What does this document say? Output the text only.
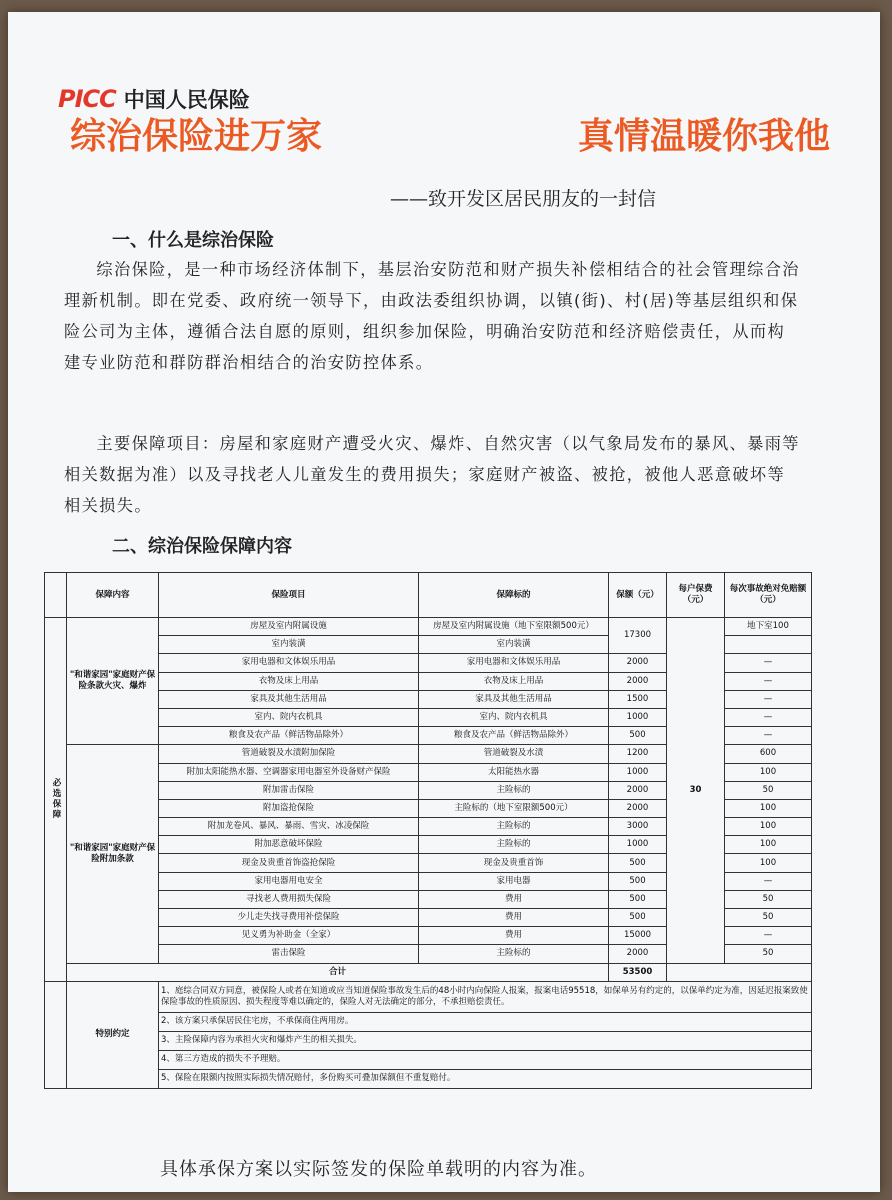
PICC 中国人民保险
综治保险进万家	真情温暖你我他
——致开发区居民朋友的一封信
一、什么是综治保险
综治保险，是一种市场经济体制下，基层治安防范和财产损失补偿相结合的社会管理综合治理新机制。即在党委、政府统一领导下，由政法委组织协调，以镇(街)、村(居)等基层组织和保险公司为主体，遵循合法自愿的原则，组织参加保险，明确治安防范和经济赔偿责任，从而构建专业防范和群防群治相结合的治安防控体系。
主要保障项目：房屋和家庭财产遭受火灾、爆炸、自然灾害（以气象局发布的暴风、暴雨等相关数据为准）以及寻找老人儿童发生的费用损失；家庭财产被盗、被抢，被他人恶意破坏等相关损失。
二、综治保险保障内容
	保障内容	保险项目	保障标的	保额（元）	每户保费（元）	每次事故绝对免赔额（元）
必选保障	"和谐家园"家庭财产保险条款火灾、爆炸	房屋及室内附属设施	房屋及室内附属设施（地下室限额500元）	17300	30	地下室100
		室内装潢	室内装潢			
		家用电器和文体娱乐用品	家用电器和文体娱乐用品	2000		—
		衣物及床上用品	衣物及床上用品	2000		—
		家具及其他生活用品	家具及其他生活用品	1500		—
		室内、院内衣机具	室内、院内衣机具	1000		—
		粮食及农产品（鲜活物品除外）	粮食及农产品（鲜活物品除外）	500		—
	"和谐家园"家庭财产保险附加条款	管道破裂及水渍附加保险	管道破裂及水渍	1200		600
		附加太阳能热水器、空调器家用电器室外设备财产保险	太阳能热水器	1000		100
		附加雷击保险	主险标的	2000		50
		附加盗抢保险	主险标的（地下室限额500元）	2000		100
		附加龙卷风、暴风、暴雨、雪灾、冰凌保险	主险标的	3000		100
		附加恶意破坏保险	主险标的	1000		100
		现金及贵重首饰盗抢保险	现金及贵重首饰	500		100
		家用电器用电安全	家用电器	500		—
		寻找老人费用损失保险	费用	500		50
		少儿走失找寻费用补偿保险	费用	500		50
		见义勇为补助金（全家）	费用	15000		—
		雷击保险	主险标的	2000		50
	合计			53500		
	特别约定	1、庭综合同双方同意，被保险人或者在知道或应当知道保险事故发生后的48小时内向保险人报案，报案电话95518，如保单另有约定的，以保单约定为准，因延迟报案致使保险事故的性质原因、损失程度等难以确定的，保险人对无法确定的部分，不承担赔偿责任。				
		2、该方案只承保居民住宅房，不承保商住两用房。				
		3、主险保障内容为承担火灾和爆炸产生的相关损失。				
		4、第三方造成的损失不予理赔。				
		5、保险在限额内按照实际损失情况赔付，多份购买可叠加保额但不重复赔付。				
具体承保方案以实际签发的保险单载明的内容为准。
